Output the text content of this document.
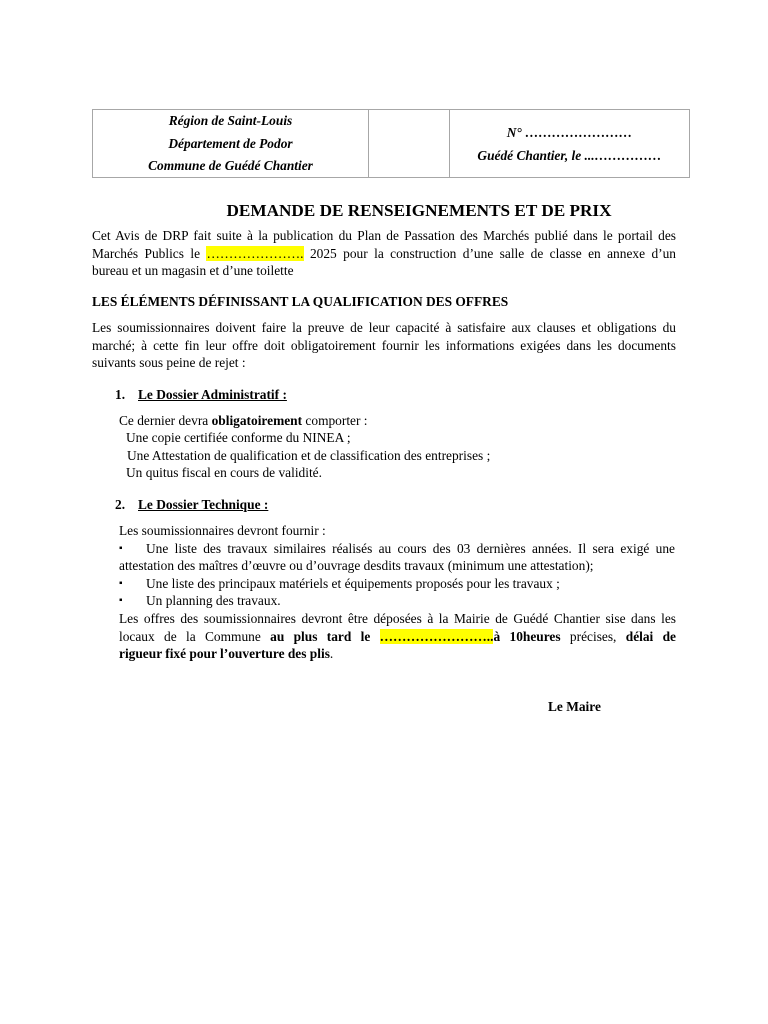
Région de Saint-Louis
Département de Podor
Commune de Guédé Chantier
N° ……………………
Guédé Chantier, le ...……………
DEMANDE DE RENSEIGNEMENTS ET DE PRIX
Cet Avis de DRP fait suite à la publication du Plan de Passation des Marchés publié dans le portail des
Marchés Publics le …………………. 2025 pour la construction d’une salle de classe en annexe d’un
bureau et un magasin et d’une toilette
LES ÉLÉMENTS DÉFINISSANT LA QUALIFICATION DES OFFRES
Les soumissionnaires doivent faire la preuve de leur capacité à satisfaire aux clauses et obligations du
marché; à cette fin leur offre doit obligatoirement fournir les informations exigées dans les documents
suivants sous peine de rejet :
1. Le Dossier Administratif :
Ce dernier devra obligatoirement comporter :
Une copie certifiée conforme du NINEA ;
Une Attestation de qualification et de classification des entreprises ;
Un quitus fiscal en cours de validité.
2. Le Dossier Technique :
Les soumissionnaires devront fournir :
▪ Une liste des travaux similaires réalisés au cours des 03 dernières années. Il sera exigé une
attestation des maîtres d’œuvre ou d’ouvrage desdits travaux (minimum une attestation);
▪ Une liste des principaux matériels et équipements proposés pour les travaux ;
▪ Un planning des travaux.
Les offres des soumissionnaires devront être déposées à la Mairie de Guédé Chantier sise dans les
locaux de la Commune au plus tard le ……………………..à 10heures précises, délai de
rigueur fixé pour l’ouverture des plis.
Le Maire
